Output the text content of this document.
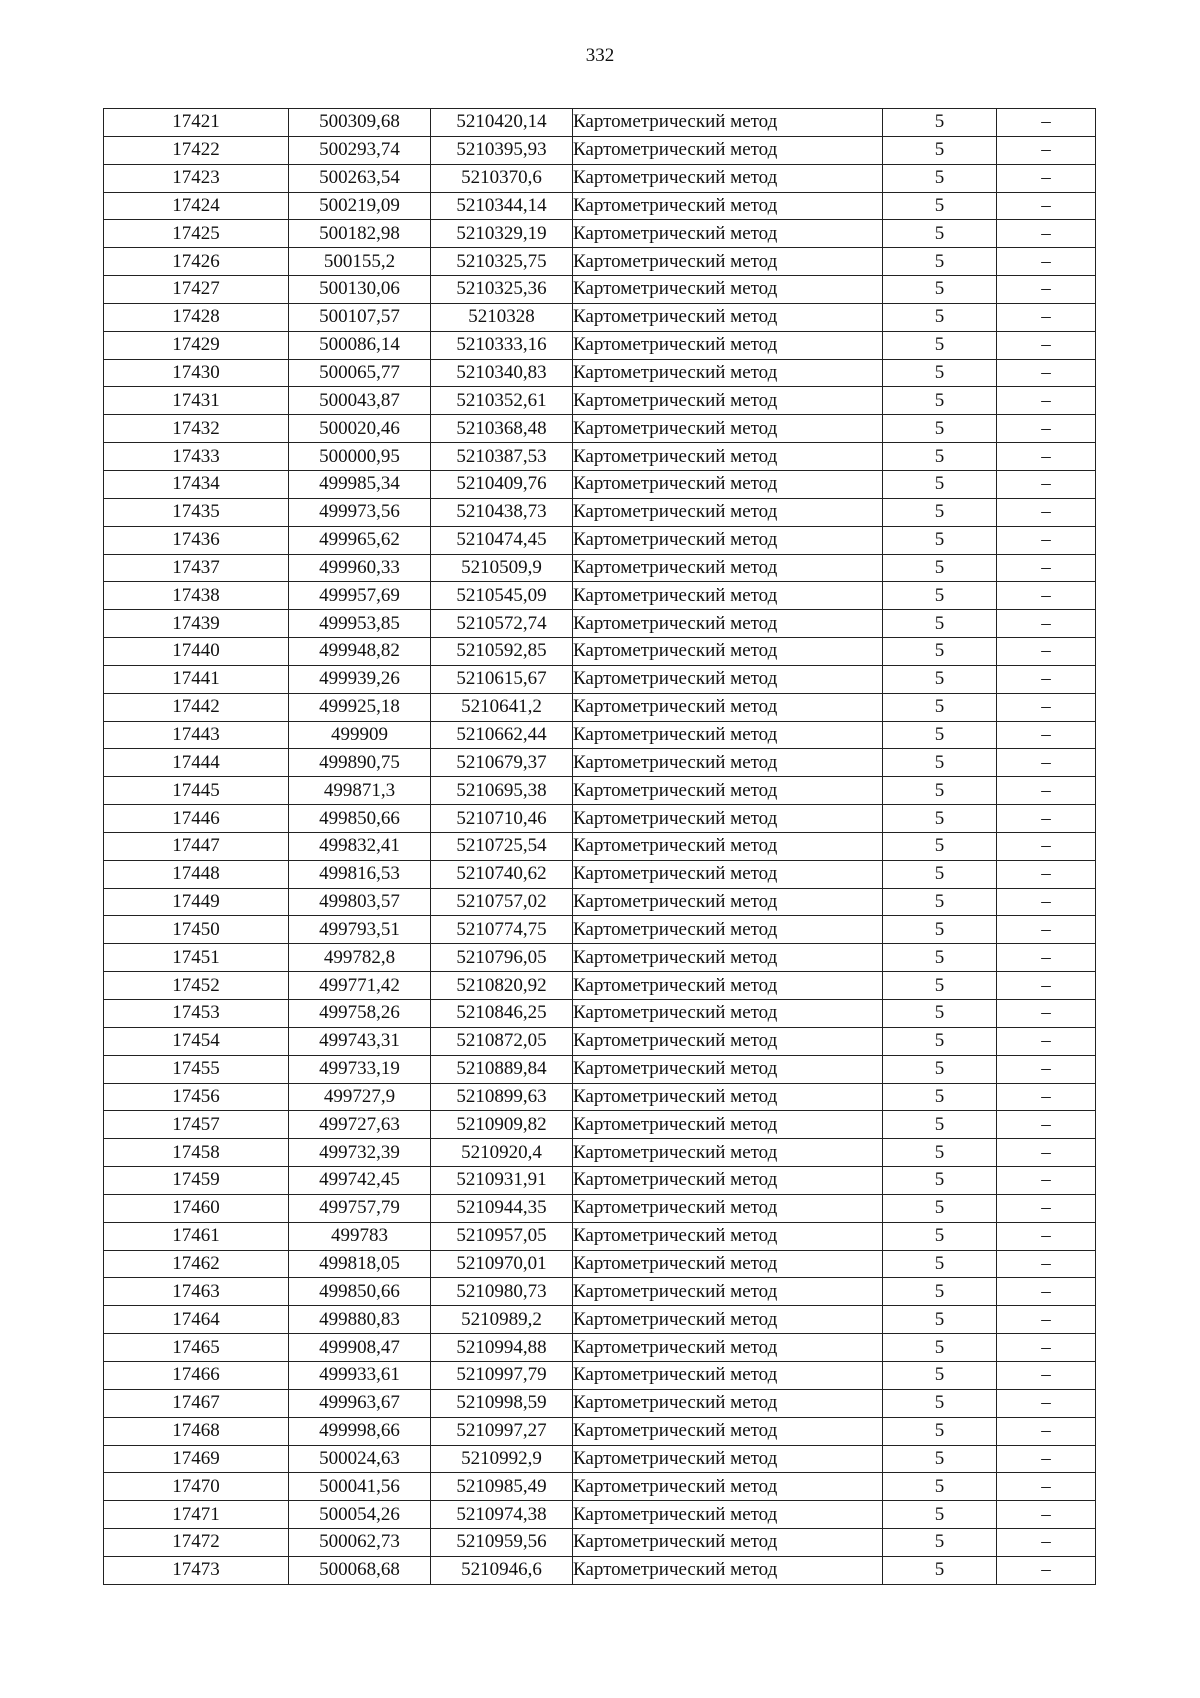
332
17421	500309,68	5210420,14	Картометрический метод	5	–
17422	500293,74	5210395,93	Картометрический метод	5	–
17423	500263,54	5210370,6	Картометрический метод	5	–
17424	500219,09	5210344,14	Картометрический метод	5	–
17425	500182,98	5210329,19	Картометрический метод	5	–
17426	500155,2	5210325,75	Картометрический метод	5	–
17427	500130,06	5210325,36	Картометрический метод	5	–
17428	500107,57	5210328	Картометрический метод	5	–
17429	500086,14	5210333,16	Картометрический метод	5	–
17430	500065,77	5210340,83	Картометрический метод	5	–
17431	500043,87	5210352,61	Картометрический метод	5	–
17432	500020,46	5210368,48	Картометрический метод	5	–
17433	500000,95	5210387,53	Картометрический метод	5	–
17434	499985,34	5210409,76	Картометрический метод	5	–
17435	499973,56	5210438,73	Картометрический метод	5	–
17436	499965,62	5210474,45	Картометрический метод	5	–
17437	499960,33	5210509,9	Картометрический метод	5	–
17438	499957,69	5210545,09	Картометрический метод	5	–
17439	499953,85	5210572,74	Картометрический метод	5	–
17440	499948,82	5210592,85	Картометрический метод	5	–
17441	499939,26	5210615,67	Картометрический метод	5	–
17442	499925,18	5210641,2	Картометрический метод	5	–
17443	499909	5210662,44	Картометрический метод	5	–
17444	499890,75	5210679,37	Картометрический метод	5	–
17445	499871,3	5210695,38	Картометрический метод	5	–
17446	499850,66	5210710,46	Картометрический метод	5	–
17447	499832,41	5210725,54	Картометрический метод	5	–
17448	499816,53	5210740,62	Картометрический метод	5	–
17449	499803,57	5210757,02	Картометрический метод	5	–
17450	499793,51	5210774,75	Картометрический метод	5	–
17451	499782,8	5210796,05	Картометрический метод	5	–
17452	499771,42	5210820,92	Картометрический метод	5	–
17453	499758,26	5210846,25	Картометрический метод	5	–
17454	499743,31	5210872,05	Картометрический метод	5	–
17455	499733,19	5210889,84	Картометрический метод	5	–
17456	499727,9	5210899,63	Картометрический метод	5	–
17457	499727,63	5210909,82	Картометрический метод	5	–
17458	499732,39	5210920,4	Картометрический метод	5	–
17459	499742,45	5210931,91	Картометрический метод	5	–
17460	499757,79	5210944,35	Картометрический метод	5	–
17461	499783	5210957,05	Картометрический метод	5	–
17462	499818,05	5210970,01	Картометрический метод	5	–
17463	499850,66	5210980,73	Картометрический метод	5	–
17464	499880,83	5210989,2	Картометрический метод	5	–
17465	499908,47	5210994,88	Картометрический метод	5	–
17466	499933,61	5210997,79	Картометрический метод	5	–
17467	499963,67	5210998,59	Картометрический метод	5	–
17468	499998,66	5210997,27	Картометрический метод	5	–
17469	500024,63	5210992,9	Картометрический метод	5	–
17470	500041,56	5210985,49	Картометрический метод	5	–
17471	500054,26	5210974,38	Картометрический метод	5	–
17472	500062,73	5210959,56	Картометрический метод	5	–
17473	500068,68	5210946,6	Картометрический метод	5	–
